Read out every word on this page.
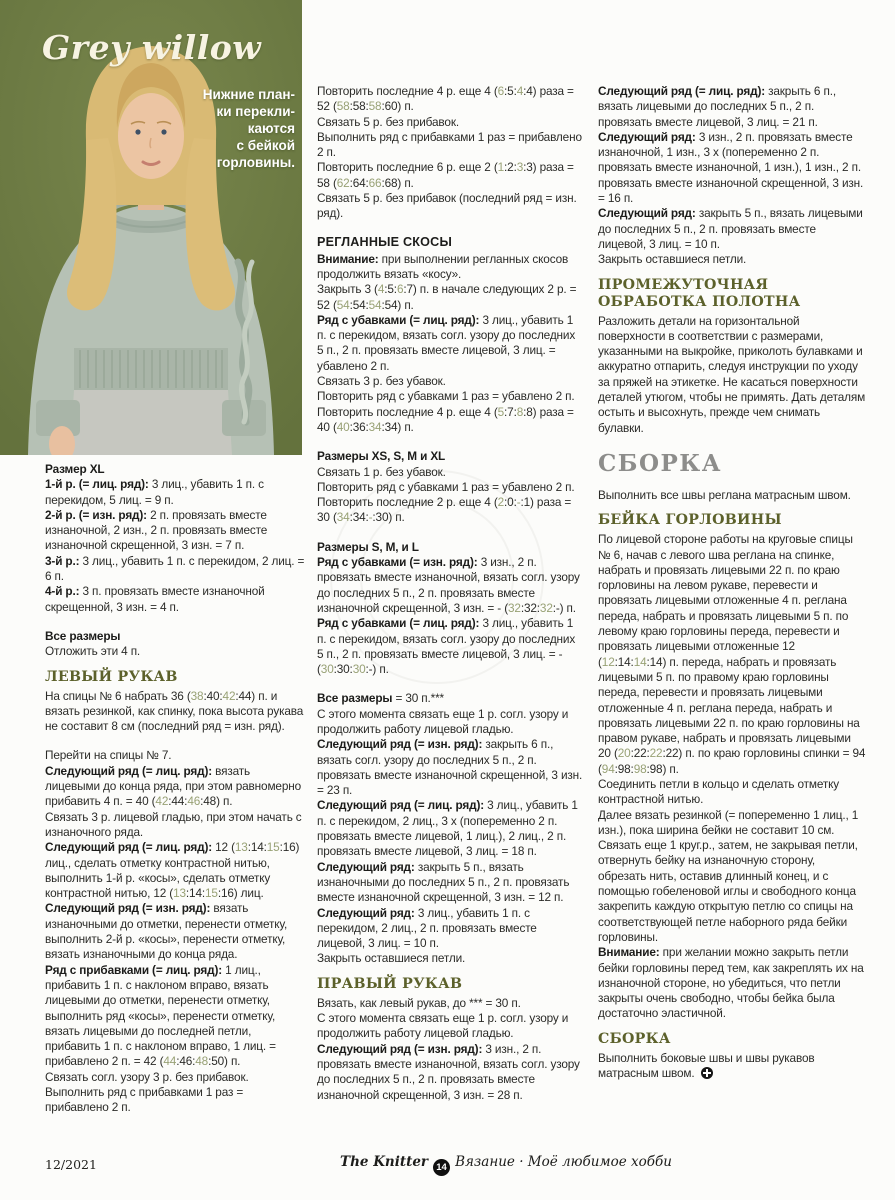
Grey willow
Нижние план-
ки перекли-
каются
с бейкой
горловины.

Размер XL

1-й р. (= лиц. ряд): 3 лиц., убавить 1 п. с перекидом, 5 лиц. = 9 п.

2-й р. (= изн. ряд): 2 п. провязать вместе изнаночной, 2 изн., 2 п. провязать вместе изнаночной скрещенной, 3 изн. = 7 п.

3-й р.: 3 лиц., убавить 1 п. с перекидом, 2 лиц. = 6 п.

4-й р.: 3 п. провязать вместе изнаночной скрещенной, 3 изн. = 4 п.

Все размеры

Отложить эти 4 п.

ЛЕВЫЙ РУКАВ

На спицы № 6 набрать 36 (38:40:42:44) п. и вязать резинкой, как спинку, пока высота рукава не составит 8 см (последний ряд = изн. ряд).

Перейти на спицы № 7.

Следующий ряд (= лиц. ряд): вязать лицевыми до конца ряда, при этом равномерно прибавить 4 п. = 40 (42:44:46:48) п.

Связать 3 р. лицевой гладью, при этом начать с изнаночного ряда.

Следующий ряд (= лиц. ряд): 12 (13:14:15:16) лиц., сделать отметку контрастной нитью, выполнить 1-й р. «косы», сделать отметку контрастной нитью, 12 (13:14:15:16) лиц.

Следующий ряд (= изн. ряд): вязать изнаночными до отметки, перенести отметку, выполнить 2-й р. «косы», перенести отметку, вязать изнаночными до конца ряда.

Ряд с прибавками (= лиц. ряд): 1 лиц., прибавить 1 п. с наклоном вправо, вязать лицевыми до отметки, перенести отметку, выполнить ряд «косы», перенести отметку, вязать лицевыми до последней петли, прибавить 1 п. с наклоном вправо, 1 лиц. = прибавлено 2 п. = 42 (44:46:48:50) п.

Связать согл. узору 3 р. без прибавок.

Выполнить ряд с прибавками 1 раз = прибавлено 2 п.

Повторить последние 4 р. еще 4 (6:5:4:4) раза = 52 (58:58:58:60) п.

Связать 5 р. без прибавок.

Выполнить ряд с прибавками 1 раз = прибавлено 2 п.

Повторить последние 6 р. еще 2 (1:2:3:3) раза = 58 (62:64:66:68) п.

Связать 5 р. без прибавок (последний ряд = изн. ряд).

РЕГЛАННЫЕ СКОСЫ

Внимание: при выполнении регланных скосов продолжить вязать «косу».

Закрыть 3 (4:5:6:7) п. в начале следующих 2 р. = 52 (54:54:54:54) п.

Ряд с убавками (= лиц. ряд): 3 лиц., убавить 1 п. с перекидом, вязать согл. узору до последних 5 п., 2 п. провязать вместе лицевой, 3 лиц. = убавлено 2 п.

Связать 3 р. без убавок.

Повторить ряд с убавками 1 раз = убавлено 2 п.

Повторить последние 4 р. еще 4 (5:7:8:8) раза = 40 (40:36:34:34) п.

Размеры XS, S, M и XL

Связать 1 р. без убавок.

Повторить ряд с убавками 1 раз = убавлено 2 п.

Повторить последние 2 р. еще 4 (2:0:-:1) раза = 30 (34:34:-:30) п.

Размеры S, M, и L

Ряд с убавками (= изн. ряд): 3 изн., 2 п. провязать вместе изнаночной, вязать согл. узору до последних 5 п., 2 п. провязать вместе изнаночной скрещенной, 3 изн. = - (32:32:32:-) п.

Ряд с убавками (= лиц. ряд): 3 лиц., убавить 1 п. с перекидом, вязать согл. узору до последних 5 п., 2 п. провязать вместе лицевой, 3 лиц. = - (30:30:30:-) п.

Все размеры = 30 п.***

С этого момента связать еще 1 р. согл. узору и продолжить работу лицевой гладью.

Следующий ряд (= изн. ряд): закрыть 6 п., вязать согл. узору до последних 5 п., 2 п. провязать вместе изнаночной скрещенной, 3 изн. = 23 п.

Следующий ряд (= лиц. ряд): 3 лиц., убавить 1 п. с перекидом, 2 лиц., 3 х (попеременно 2 п. провязать вместе лицевой, 1 лиц.), 2 лиц., 2 п. провязать вместе лицевой, 3 лиц. = 18 п.

Следующий ряд: закрыть 5 п., вязать изнаночными до последних 5 п., 2 п. провязать вместе изнаночной скрещенной, 3 изн. = 12 п.

Следующий ряд: 3 лиц., убавить 1 п. с перекидом, 2 лиц., 2 п. провязать вместе лицевой, 3 лиц. = 10 п.

Закрыть оставшиеся петли.

ПРАВЫЙ РУКАВ

Вязать, как левый рукав, до *** = 30 п.

С этого момента связать еще 1 р. согл. узору и продолжить работу лицевой гладью.

Следующий ряд (= изн. ряд): 3 изн., 2 п. провязать вместе изнаночной, вязать согл. узору до последних 5 п., 2 п. провязать вместе изнаночной скрещенной, 3 изн. = 28 п.

Следующий ряд (= лиц. ряд): закрыть 6 п., вязать лицевыми до последних 5 п., 2 п. провязать вместе лицевой, 3 лиц. = 21 п.

Следующий ряд: 3 изн., 2 п. провязать вместе изнаночной, 1 изн., 3 х (попеременно 2 п. провязать вместе изнаночной, 1 изн.), 1 изн., 2 п. провязать вместе изнаночной скрещенной, 3 изн. = 16 п.

Следующий ряд: закрыть 5 п., вязать лицевыми до последних 5 п., 2 п. провязать вместе лицевой, 3 лиц. = 10 п.

Закрыть оставшиеся петли.

ПРОМЕЖУТОЧНАЯ ОБРАБОТКА ПОЛОТНА

Разложить детали на горизонтальной поверхности в соответствии с размерами, указанными на выкройке, приколоть булавками и аккуратно отпарить, следуя инструкции по уходу за пряжей на этикетке. Не касаться поверхности деталей утюгом, чтобы не примять. Дать деталям остыть и высохнуть, прежде чем снимать булавки.

СБОРКА

Выполнить все швы реглана матрасным швом.

БЕЙКА ГОРЛОВИНЫ

По лицевой стороне работы на круговые спицы № 6, начав с левого шва реглана на спинке, набрать и провязать лицевыми 22 п. по краю горловины на левом рукаве, перевести и провязать лицевыми отложенные 4 п. реглана переда, набрать и провязать лицевыми 5 п. по левому краю горловины переда, перевести и провязать лицевыми отложенные 12 (12:14:14:14) п. переда, набрать и провязать лицевыми 5 п. по правому краю горловины переда, перевести и провязать лицевыми отложенные 4 п. реглана переда, набрать и провязать лицевыми 22 п. по краю горловины на правом рукаве, набрать и провязать лицевыми 20 (20:22:22:22) п. по краю горловины спинки = 94 (94:98:98:98) п.

Соединить петли в кольцо и сделать отметку контрастной нитью.

Далее вязать резинкой (= попеременно 1 лиц., 1 изн.), пока ширина бейки не составит 10 см.

Связать еще 1 круг.р., затем, не закрывая петли, отвернуть бейку на изнаночную сторону, обрезать нить, оставив длинный конец, и с помощью гобеленовой иглы и свободного конца закрепить каждую открытую петлю со спицы на соответствующей петле наборного ряда бейки горловины.

Внимание: при желании можно закрыть петли бейки горловины перед тем, как закреплять их на изнаночной стороне, но убедиться, что петли закрыты очень свободно, чтобы бейка была достаточно эластичной.

СБОРКА

Выполнить боковые швы и швы рукавов матрасным швом.

12/2021	The Knitter 14 Вязание · Моё любимое хобби
